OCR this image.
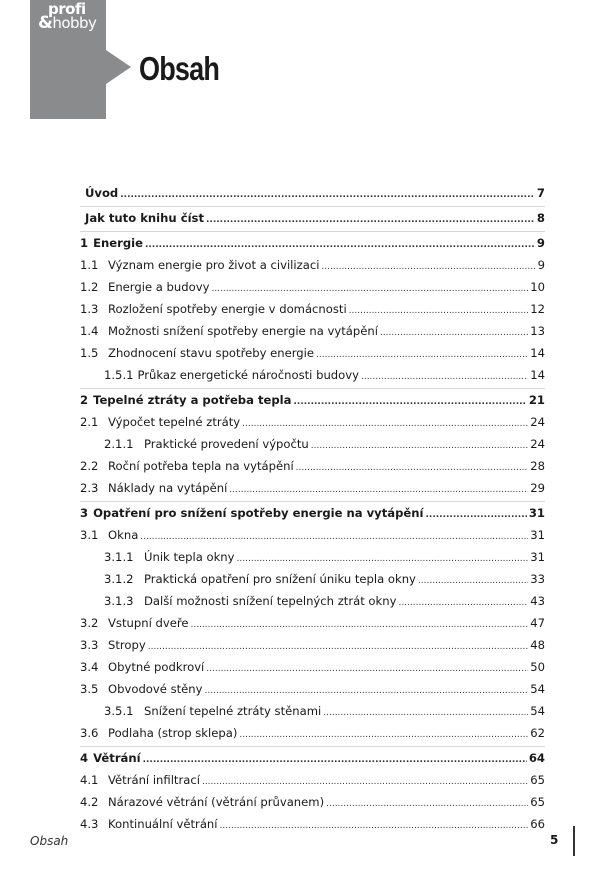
profi
&hobby
Obsah
Úvod .....	7
Jak tuto knihu číst .....	8
1 Energie .....	9
1.1 Význam energie pro život a civilizaci .....	9
1.2 Energie a budovy .....	10
1.3 Rozložení spotřeby energie v domácnosti .....	12
1.4 Možnosti snížení spotřeby energie na vytápění .....	13
1.5 Zhodnocení stavu spotřeby energie .....	14
1.5.1 Průkaz energetické náročnosti budovy .....	14
2 Tepelné ztráty a potřeba tepla .....	21
2.1 Výpočet tepelné ztráty .....	24
2.1.1 Praktické provedení výpočtu .....	24
2.2 Roční potřeba tepla na vytápění .....	28
2.3 Náklady na vytápění .....	29
3 Opatření pro snížení spotřeby energie na vytápění .....	31
3.1 Okna .....	31
3.1.1 Únik tepla okny .....	31
3.1.2 Praktická opatření pro snížení úniku tepla okny .....	33
3.1.3 Další možnosti snížení tepelných ztrát okny .....	43
3.2 Vstupní dveře .....	47
3.3 Stropy .....	48
3.4 Obytné podkroví .....	50
3.5 Obvodové stěny .....	54
3.5.1 Snížení tepelné ztráty stěnami .....	54
3.6 Podlaha (strop sklepa) .....	62
4 Větrání .....	64
4.1 Větrání infiltrací .....	65
4.2 Nárazové větrání (větrání průvanem) .....	65
4.3 Kontinuální větrání .....	66
Obsah	5
